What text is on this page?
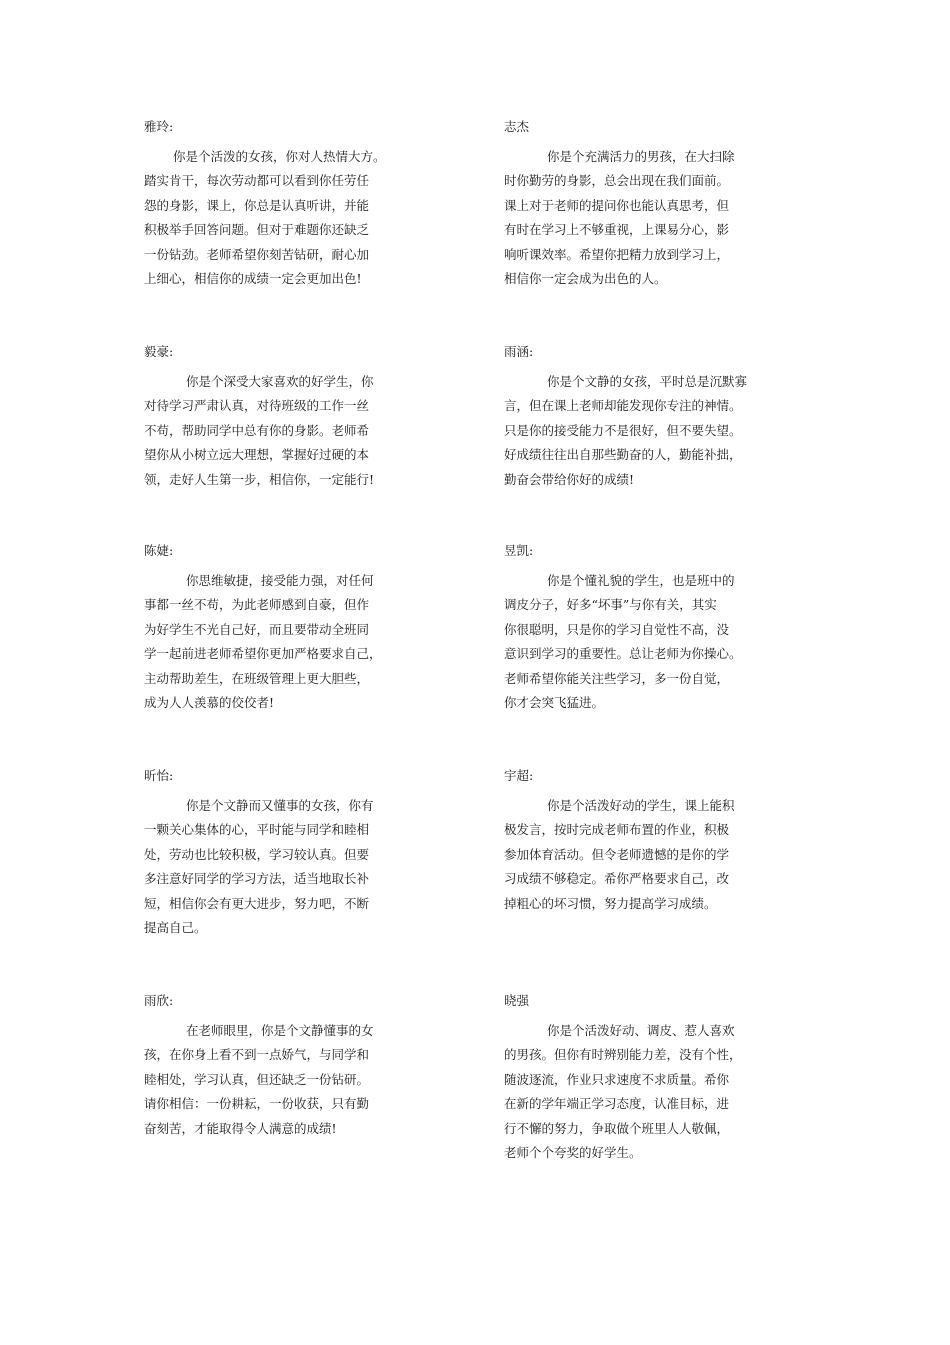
雅玲:
你是个活泼的女孩，你对人热情大方。
踏实肯干，每次劳动都可以看到你任劳任
怨的身影，课上，你总是认真听讲，并能
积极举手回答问题。但对于难题你还缺乏
一份钻劲。老师希望你刻苦钻研，耐心加
上细心，相信你的成绩一定会更加出色!
毅豪:
你是个深受大家喜欢的好学生，你
对待学习严肃认真，对待班级的工作一丝
不苟，帮助同学中总有你的身影。老师希
望你从小树立远大理想，掌握好过硬的本
领，走好人生第一步，相信你，一定能行!
陈婕:
你思维敏捷，接受能力强，对任何
事都一丝不苟，为此老师感到自豪，但作
为好学生不光自己好，而且要带动全班同
学一起前进老师希望你更加严格要求自己，
主动帮助差生，在班级管理上更大胆些，
成为人人羡慕的佼佼者!
昕怡:
你是个文静而又懂事的女孩，你有
一颗关心集体的心，平时能与同学和睦相
处，劳动也比较积极，学习较认真。但要
多注意好同学的学习方法，适当地取长补
短，相信你会有更大进步，努力吧，不断
提高自己。
雨欣:
在老师眼里，你是个文静懂事的女
孩，在你身上看不到一点娇气，与同学和
睦相处，学习认真，但还缺乏一份钻研。
请你相信：一份耕耘，一份收获，只有勤
奋刻苦，才能取得令人满意的成绩!
志杰
你是个充满活力的男孩，在大扫除
时你勤劳的身影，总会出现在我们面前。
课上对于老师的提问你也能认真思考，但
有时在学习上不够重视，上课易分心，影
响听课效率。希望你把精力放到学习上，
相信你一定会成为出色的人。
雨涵:
你是个文静的女孩，平时总是沉默寡
言，但在课上老师却能发现你专注的神情。
只是你的接受能力不是很好，但不要失望。
好成绩往往出自那些勤奋的人，勤能补拙，
勤奋会带给你好的成绩!
昱凯:
你是个懂礼貌的学生，也是班中的
调皮分子，好多“坏事”与你有关，其实
你很聪明，只是你的学习自觉性不高，没
意识到学习的重要性。总让老师为你操心。
老师希望你能关注些学习，多一份自觉，
你才会突飞猛进。
宇超:
你是个活泼好动的学生，课上能积
极发言，按时完成老师布置的作业，积极
参加体育活动。但令老师遗憾的是你的学
习成绩不够稳定。希你严格要求自己，改
掉粗心的坏习惯，努力提高学习成绩。
晓强
你是个活泼好动、调皮、惹人喜欢
的男孩。但你有时辨别能力差，没有个性，
随波逐流，作业只求速度不求质量。希你
在新的学年端正学习态度，认准目标，进
行不懈的努力，争取做个班里人人敬佩，
老师个个夸奖的好学生。
